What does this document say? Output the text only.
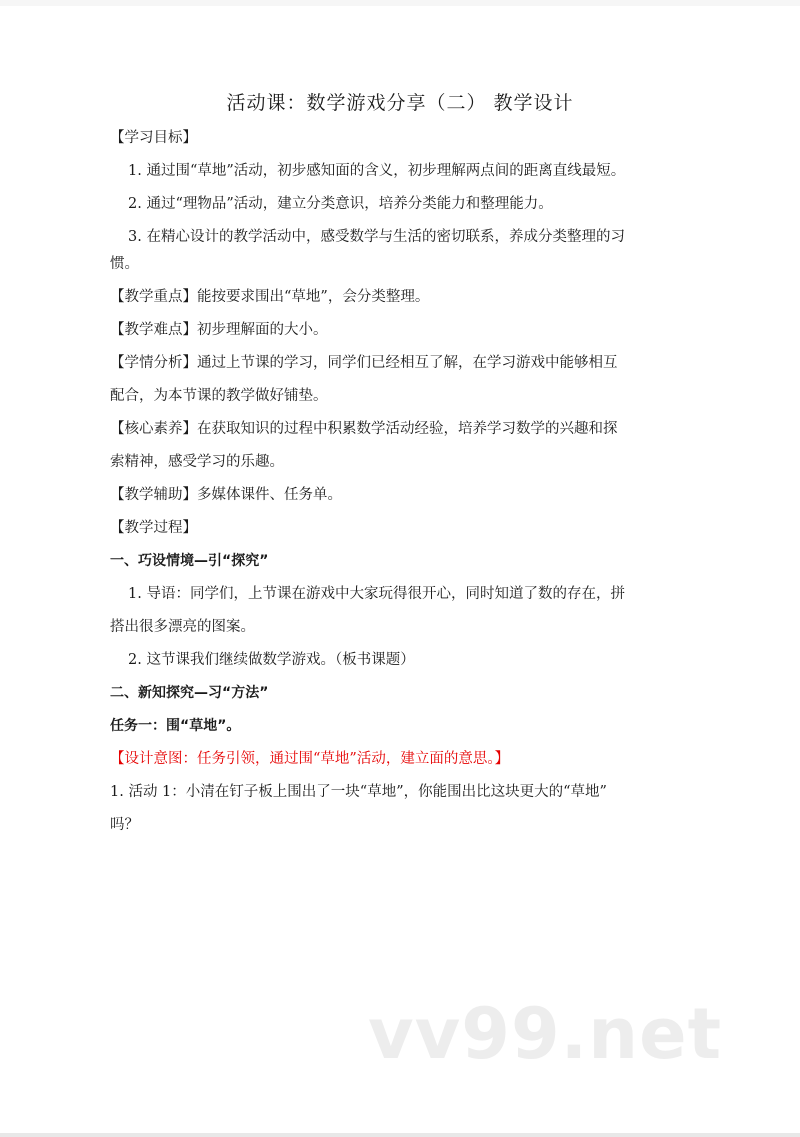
活动课：数学游戏分享（二） 教学设计

【学习目标】

1. 通过围“草地”活动，初步感知面的含义，初步理解两点间的距离直线最短。

2. 通过“理物品”活动，建立分类意识，培养分类能力和整理能力。

3. 在精心设计的教学活动中，感受数学与生活的密切联系，养成分类整理的习

惯。

【教学重点】能按要求围出“草地”，会分类整理。

【教学难点】初步理解面的大小。

【学情分析】通过上节课的学习，同学们已经相互了解，在学习游戏中能够相互

配合，为本节课的教学做好铺垫。

【核心素养】在获取知识的过程中积累数学活动经验，培养学习数学的兴趣和探

索精神，感受学习的乐趣。

【教学辅助】多媒体课件、任务单。

【教学过程】

一、巧设情境—引“探究”

1. 导语：同学们，上节课在游戏中大家玩得很开心，同时知道了数的存在，拼

搭出很多漂亮的图案。

2. 这节课我们继续做数学游戏。（板书课题）

二、新知探究—习“方法”

任务一：围“草地”。

【设计意图：任务引领，通过围“草地”活动，建立面的意思。】

1. 活动 1：小清在钉子板上围出了一块“草地”，你能围出比这块更大的“草地”

吗？

vv99.net
